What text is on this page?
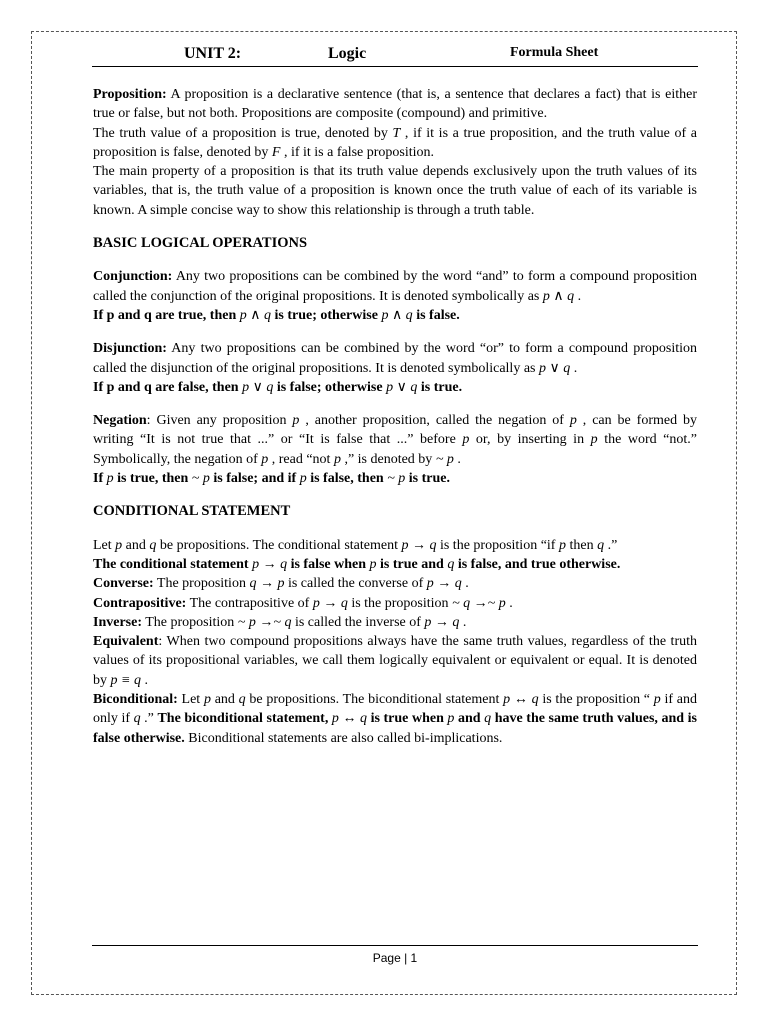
UNIT 2:	Logic	Formula Sheet

Proposition: A proposition is a declarative sentence (that is, a sentence that declares a fact) that is either true or false, but not both. Propositions are composite (compound) and primitive.

The truth value of a proposition is true, denoted by T , if it is a true proposition, and the truth value of a proposition is false, denoted by F , if it is a false proposition.

The main property of a proposition is that its truth value depends exclusively upon the truth values of its variables, that is, the truth value of a proposition is known once the truth value of each of its variable is known. A simple concise way to show this relationship is through a truth table.

BASIC LOGICAL OPERATIONS

Conjunction: Any two propositions can be combined by the word “and” to form a compound proposition called the conjunction of the original propositions. It is denoted symbolically as p ∧ q .

If p and q are true, then p ∧ q is true; otherwise p ∧ q is false.

Disjunction: Any two propositions can be combined by the word “or” to form a compound proposition called the disjunction of the original propositions. It is denoted symbolically as p ∨ q .

If p and q are false, then p ∨ q is false; otherwise p ∨ q is true.

Negation: Given any proposition p , another proposition, called the negation of p , can be formed by writing “It is not true that ...” or “It is false that ...” before p or, by inserting in p the word “not.” Symbolically, the negation of p , read “not p ,” is denoted by ~ p .

If p is true, then ~ p is false; and if p is false, then ~ p is true.

CONDITIONAL STATEMENT

Let p and q be propositions. The conditional statement p → q is the proposition “if p then q .”

The conditional statement p → q is false when p is true and q is false, and true otherwise.

Converse: The proposition q → p is called the converse of p → q .

Contrapositive: The contrapositive of p → q is the proposition ~ q →~ p .

Inverse: The proposition ~ p →~ q is called the inverse of p → q .

Equivalent: When two compound propositions always have the same truth values, regardless of the truth values of its propositional variables, we call them logically equivalent or equivalent or equal. It is denoted by p ≡ q .

Biconditional: Let p and q be propositions. The biconditional statement p ↔ q is the proposition “ p if and only if q .” The biconditional statement, p ↔ q is true when p and q have the same truth values, and is false otherwise. Biconditional statements are also called bi-implications.

Page | 1
